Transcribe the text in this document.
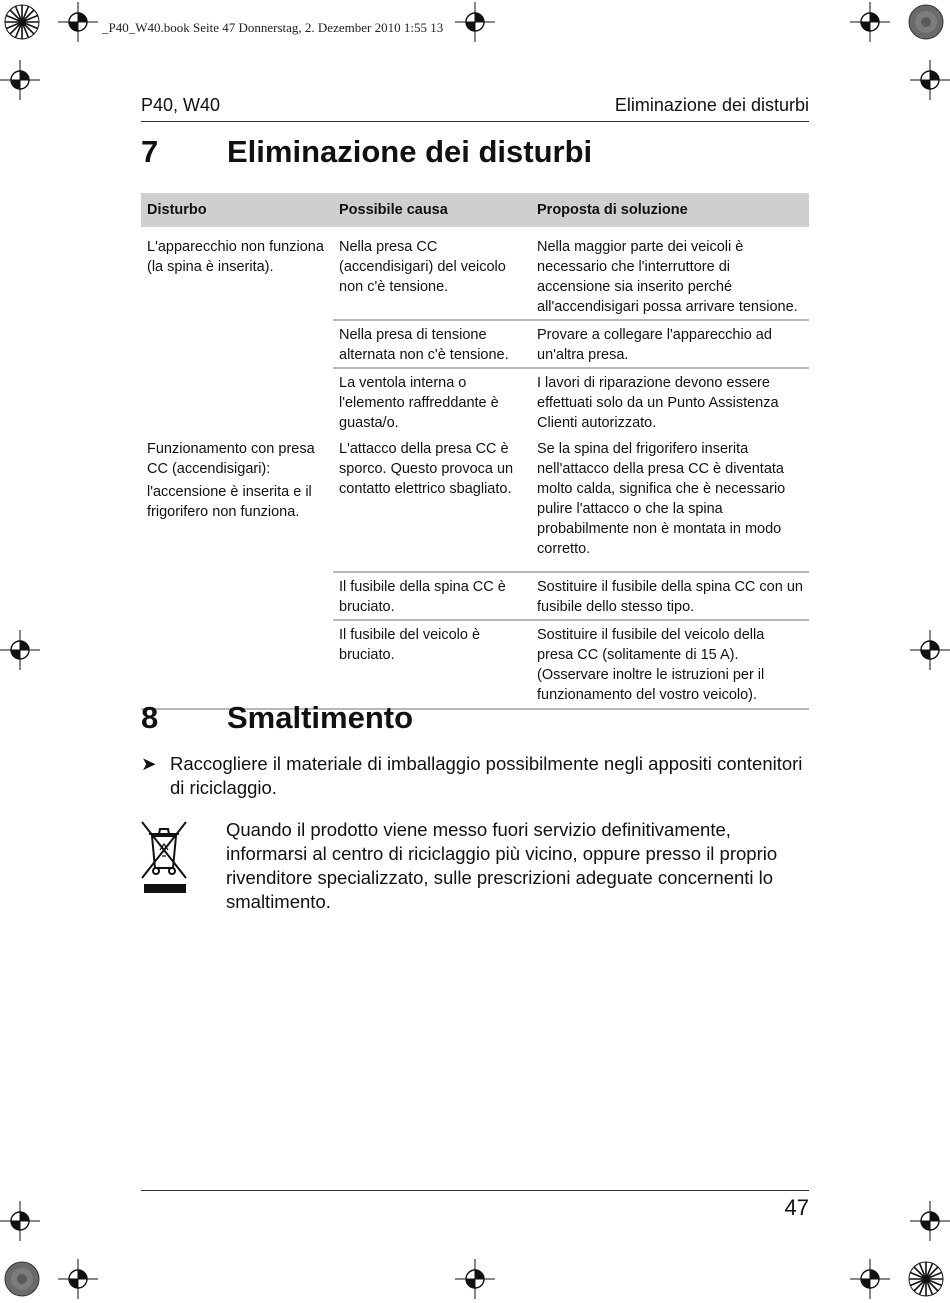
_P40_W40.book Seite 47 Donnerstag, 2. Dezember 2010 1:55 13
P40, W40	Eliminazione dei disturbi
7 Eliminazione dei disturbi
Disturbo	Possibile causa	Proposta di soluzione

L'apparecchio non funziona (la spina è inserita).	Nella presa CC (accendisigari) del veicolo non c'è tensione.	Nella maggior parte dei veicoli è necessario che l'interruttore di accensione sia inserito perché all'accendisigari possa arrivare tensione.
	Nella presa di tensione alternata non c'è tensione.	Provare a collegare l'apparecchio ad un'altra presa.
	La ventola interna o l'elemento raffreddante è guasta/o.	I lavori di riparazione devono essere effettuati solo da un Punto Assistenza Clienti autorizzato.

Funzionamento con presa CC (accendisigari):

l'accensione è inserita e il frigorifero non funziona.	L'attacco della presa CC è sporco. Questo provoca un contatto elettrico sbagliato.	Se la spina del frigorifero inserita nell'attacco della presa CC è diventata molto calda, significa che è necessario pulire l'attacco o che la spina probabilmente non è montata in modo corretto.
	Il fusibile della spina CC è bruciato.	Sostituire il fusibile della spina CC con un fusibile dello stesso tipo.
	Il fusibile del veicolo è bruciato.	Sostituire il fusibile del veicolo della presa CC (solitamente di 15 A). (Osservare inoltre le istruzioni per il funzionamento del vostro veicolo).
8 Smaltimento
➤ Raccogliere il materiale di imballaggio possibilmente negli appositi contenitori di riciclaggio.
Quando il prodotto viene messo fuori servizio definitivamente, informarsi al centro di riciclaggio più vicino, oppure presso il proprio rivenditore specializzato, sulle prescrizioni adeguate concernenti lo smaltimento.
47
